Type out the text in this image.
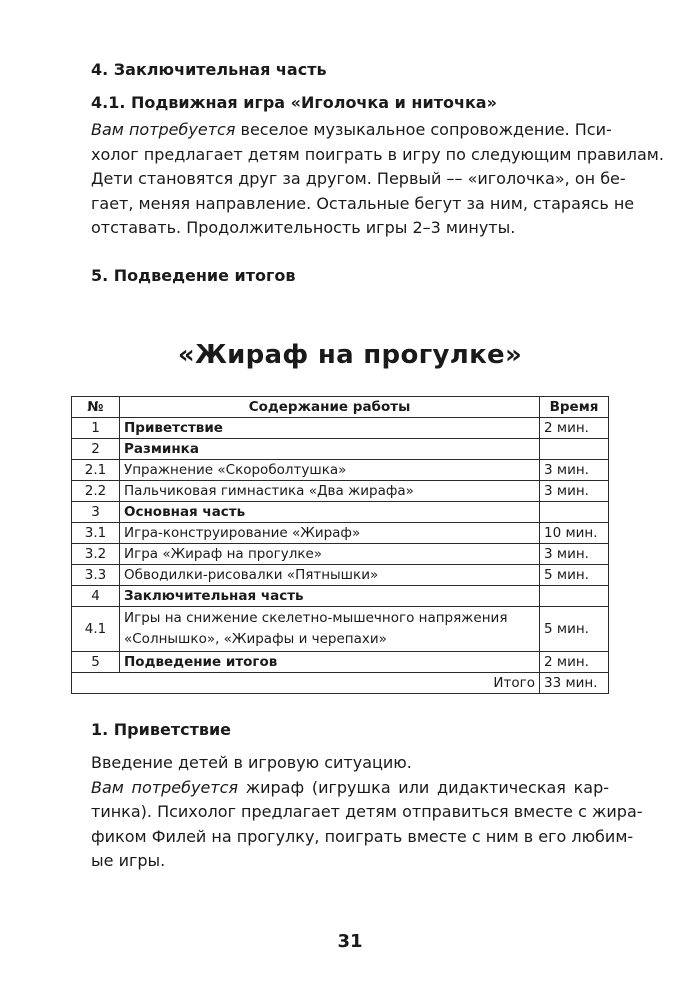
4. Заключительная часть
4.1. Подвижная игра «Иголочка и ниточка»
Вам потребуется веселое музыкальное сопровождение. Пси-
холог предлагает детям поиграть в игру по следующим правилам.
Дети становятся друг за другом. Первый –– «иголочка», он бе-
гает, меняя направление. Остальные бегут за ним, стараясь не
отставать. Продолжительность игры 2–3 минуты.
5. Подведение итогов
«Жираф на прогулке»
№	Содержание работы	Время
1	Приветствие	2 мин.
2	Разминка	
2.1	Упражнение «Скороболтушка»	3 мин.
2.2	Пальчиковая гимнастика «Два жирафа»	3 мин.
3	Основная часть	
3.1	Игра-конструирование «Жираф»	10 мин.
3.2	Игра «Жираф на прогулке»	3 мин.
3.3	Обводилки-рисовалки «Пятнышки»	5 мин.
4	Заключительная часть	
4.1	Игры на снижение скелетно-мышечного напряжения
«Солнышко», «Жирафы и черепахи»	5 мин.
5	Подведение итогов	2 мин.
Итого		33 мин.
1. Приветствие
Введение детей в игровую ситуацию.
Вам потребуется жираф (игрушка или дидактическая кар-
тинка). Психолог предлагает детям отправиться вместе с жира-
фиком Филей на прогулку, поиграть вместе с ним в его любим-
ые игры.
31
